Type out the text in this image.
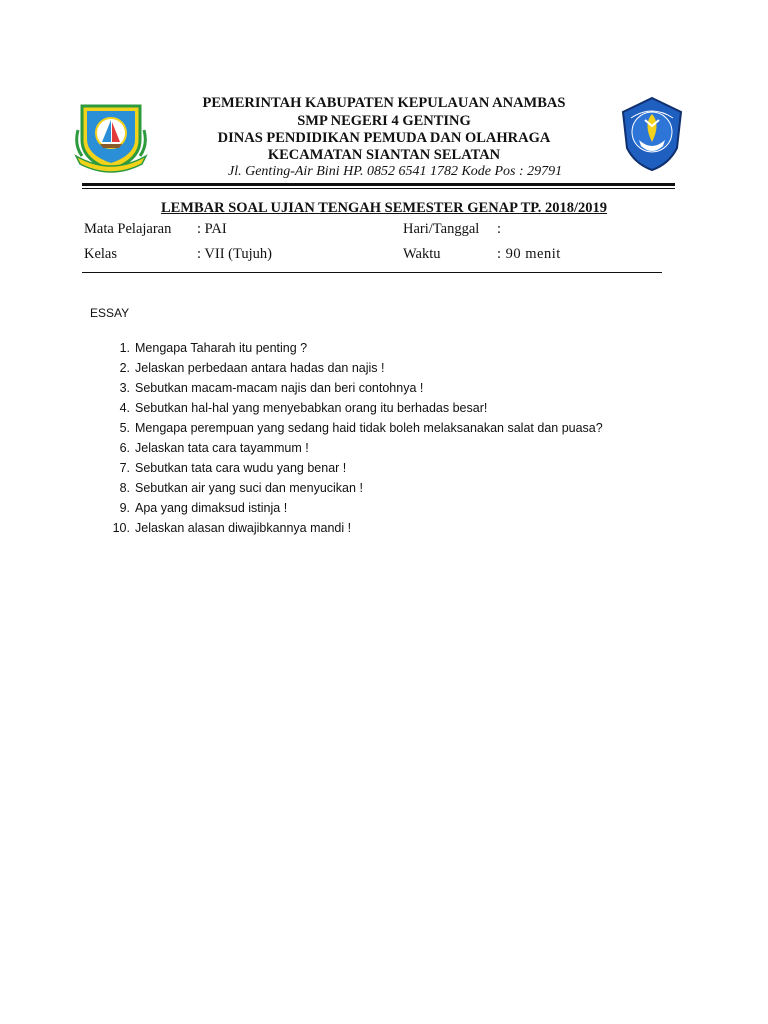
PEMERINTAH KABUPATEN KEPULAUAN ANAMBAS
SMP NEGERI 4 GENTING
DINAS PENDIDIKAN PEMUDA DAN OLAHRAGA
KECAMATAN SIANTAN SELATAN
Jl. Genting-Air Bini HP. 0852 6541 1782 Kode Pos : 29791
LEMBAR SOAL UJIAN TENGAH SEMESTER GENAP TP. 2018/2019
Mata Pelajaran : PAI	Hari/Tanggal :
Kelas	: VII (Tujuh)	Waktu	: 90 menit
ESSAY
1. Mengapa Taharah itu penting ?
2. Jelaskan perbedaan antara hadas dan najis !
3. Sebutkan macam-macam najis dan beri contohnya !
4. Sebutkan hal-hal yang menyebabkan orang itu berhadas besar!
5. Mengapa perempuan yang sedang haid tidak boleh melaksanakan salat dan puasa?
6. Jelaskan tata cara tayammum !
7. Sebutkan tata cara wudu yang benar !
8. Sebutkan air yang suci dan menyucikan !
9. Apa yang dimaksud istinja !
10. Jelaskan alasan diwajibkannya mandi !
